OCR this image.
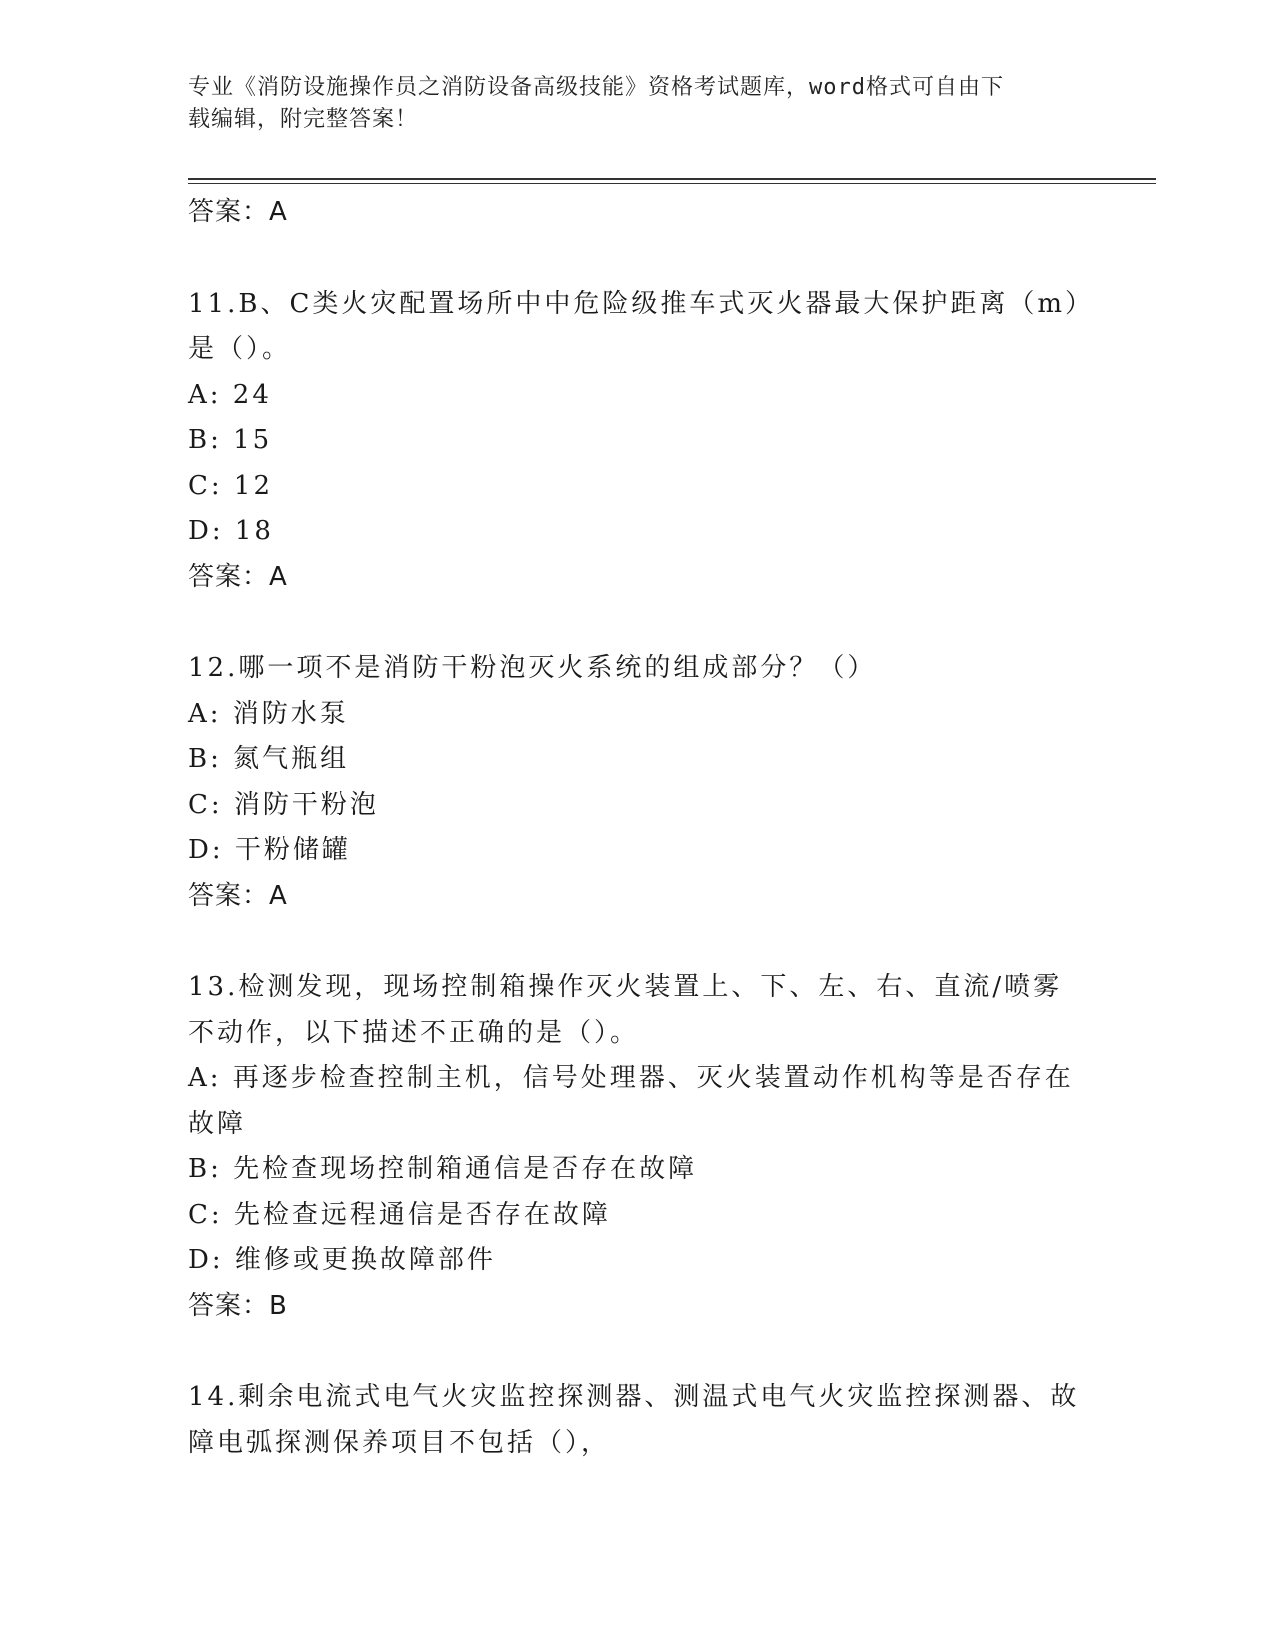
专业《消防设施操作员之消防设备高级技能》资格考试题库，word格式可自由下
载编辑，附完整答案！
答案：A
11.B、C类火灾配置场所中中危险级推车式灭火器最大保护距离（m）
是（）。
A: 24
B: 15
C: 12
D: 18
答案：A
12.哪一项不是消防干粉泡灭火系统的组成部分？（）
A: 消防水泵
B: 氮气瓶组
C: 消防干粉泡
D: 干粉储罐
答案：A
13.检测发现，现场控制箱操作灭火装置上、下、左、右、直流/喷雾
不动作，以下描述不正确的是（）。
A: 再逐步检查控制主机，信号处理器、灭火装置动作机构等是否存在
故障
B: 先检查现场控制箱通信是否存在故障
C: 先检查远程通信是否存在故障
D: 维修或更换故障部件
答案：B
14.剩余电流式电气火灾监控探测器、测温式电气火灾监控探测器、故
障电弧探测保养项目不包括（），
